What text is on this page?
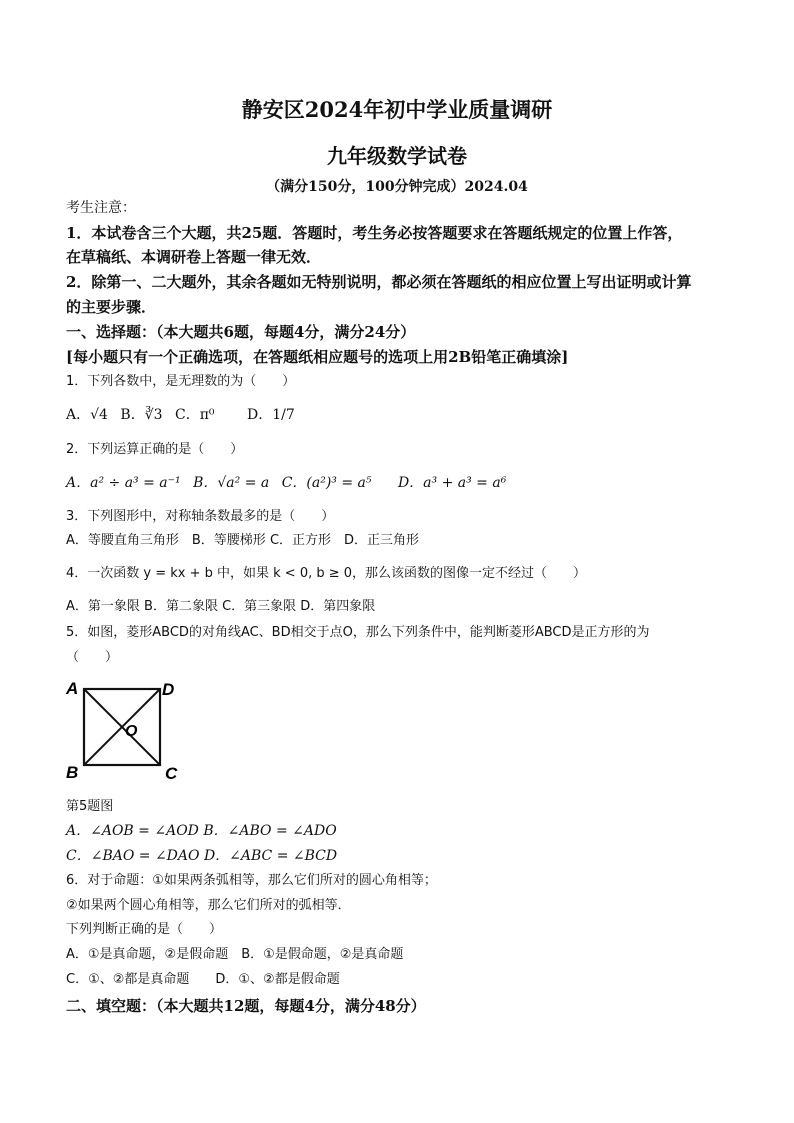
静安区2024年初中学业质量调研
九年级数学试卷
（满分150分，100分钟完成）2024.04
考生注意：
1．本试卷含三个大题，共25题．答题时，考生务必按答题要求在答题纸规定的位置上作答，
在草稿纸、本调研卷上答题一律无效．
2．除第一、二大题外，其余各题如无特别说明，都必须在答题纸的相应位置上写出证明或计算
的主要步骤．
一、选择题：（本大题共6题，每题4分，满分24分）
[每小题只有一个正确选项，在答题纸相应题号的选项上用2B铅笔正确填涂]
1．下列各数中，是无理数的为（　　）
A．√4 B．∛3 C．π⁰ D．1/7
2．下列运算正确的是（　　）
A．a² ÷ a³ = a⁻¹ B．√a² = a C．(a²)³ = a⁵ D．a³ + a³ = a⁶
3．下列图形中，对称轴条数最多的是（　　）
A．等腰直角三角形　B．等腰梯形 C．正方形　D．正三角形
4．一次函数 y = kx + b 中，如果 k < 0, b ≥ 0，那么该函数的图像一定不经过（　　）
A．第一象限 B．第二象限 C．第三象限 D．第四象限
5．如图，菱形ABCD的对角线AC、BD相交于点O，那么下列条件中，能判断菱形ABCD是正方形的为
（　　）
A	D
B	C
O
第5题图
A．∠AOB = ∠AOD B．∠ABO = ∠ADO
C．∠BAO = ∠DAO D．∠ABC = ∠BCD
6．对于命题：①如果两条弧相等，那么它们所对的圆心角相等；
②如果两个圆心角相等，那么它们所对的弧相等．
下列判断正确的是（　　）
A．①是真命题，②是假命题　B．①是假命题，②是真命题
C．①、②都是真命题　　D．①、②都是假命题
二、填空题：（本大题共12题，每题4分，满分48分）
